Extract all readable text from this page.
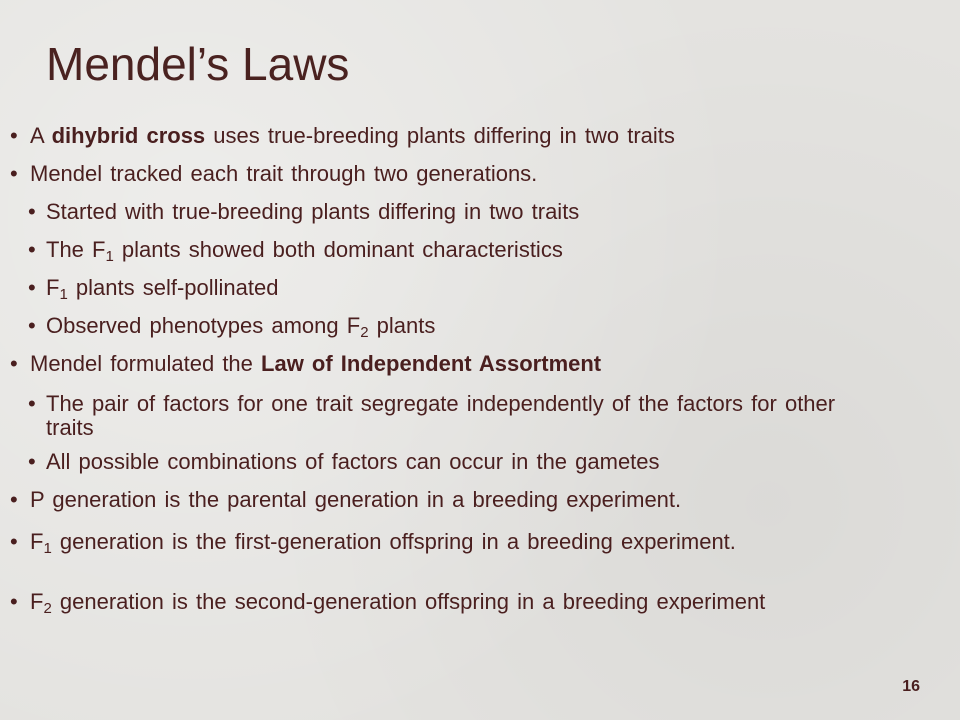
Mendel’s Laws
• A dihybrid cross uses true-breeding plants differing in two traits
• Mendel tracked each trait through two generations.
• Started with true-breeding plants differing in two traits
• The $F_1$ plants showed both dominant characteristics
• $F_1$ plants self-pollinated
• Observed phenotypes among $F_2$ plants
• Mendel formulated the Law of Independent Assortment
• The pair of factors for one trait segregate independently of the factors for other traits
• All possible combinations of factors can occur in the gametes
• P generation is the parental generation in a breeding experiment.
• $F_1$ generation is the first-generation offspring in a breeding experiment.
• $F_2$ generation is the second-generation offspring in a breeding experiment
16
